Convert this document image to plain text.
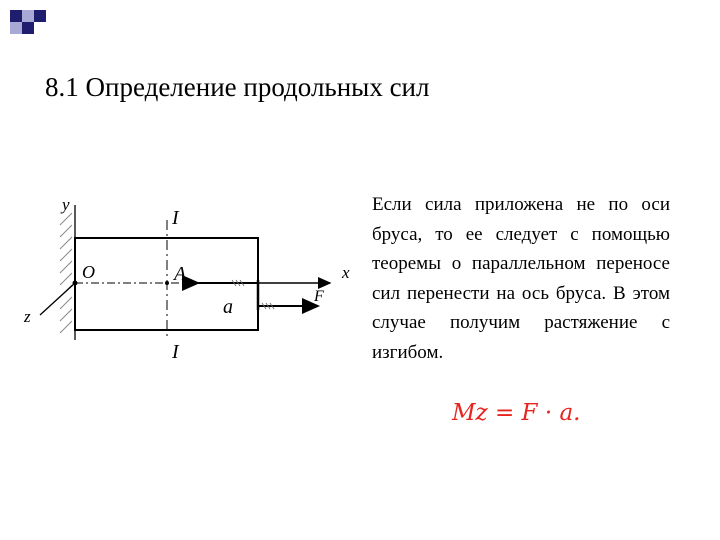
8.1 Определение продольных сил
y
z
x
O	A
a	F
I
I

Если сила приложена не по оси бруса, то ее следует с помощью теоремы о параллельном переносе сил перенести на ось бруса. В этом случае получим растяжение с изгибом.

Mz = F · a.
